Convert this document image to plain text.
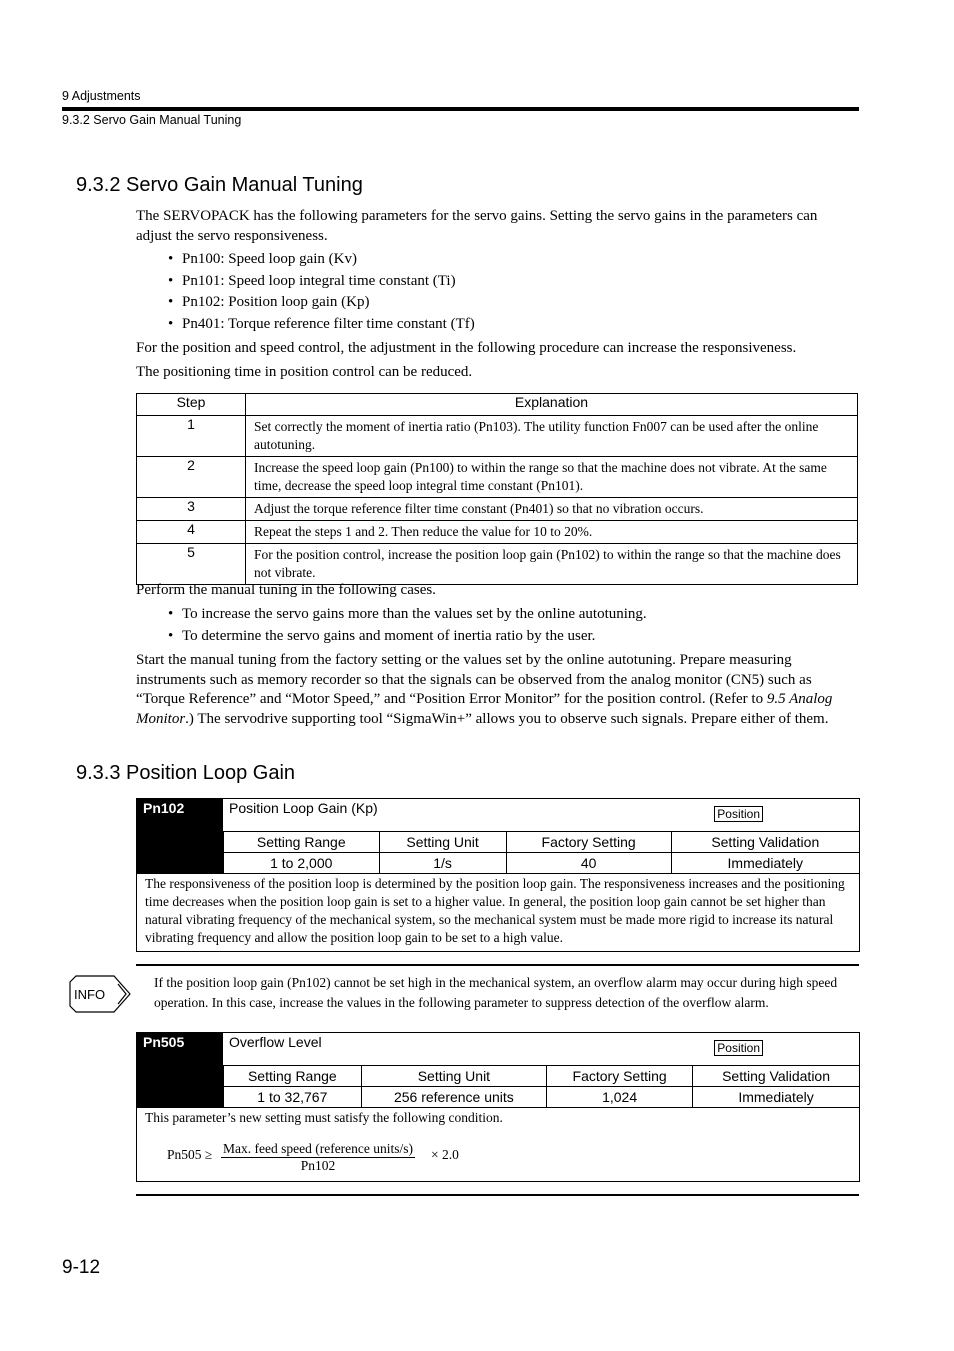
9 Adjustments
9.3.2 Servo Gain Manual Tuning
9.3.2 Servo Gain Manual Tuning
The SERVOPACK has the following parameters for the servo gains. Setting the servo gains in the parameters can adjust the servo responsiveness.
• Pn100: Speed loop gain (Kv)
• Pn101: Speed loop integral time constant (Ti)
• Pn102: Position loop gain (Kp)
• Pn401: Torque reference filter time constant (Tf)
For the position and speed control, the adjustment in the following procedure can increase the responsiveness.
The positioning time in position control can be reduced.
Step	Explanation
1	Set correctly the moment of inertia ratio (Pn103). The utility function Fn007 can be used after the online autotuning.
2	Increase the speed loop gain (Pn100) to within the range so that the machine does not vibrate. At the same time, decrease the speed loop integral time constant (Pn101).
3	Adjust the torque reference filter time constant (Pn401) so that no vibration occurs.
4	Repeat the steps 1 and 2. Then reduce the value for 10 to 20%.
5	For the position control, increase the position loop gain (Pn102) to within the range so that the machine does not vibrate.
Perform the manual tuning in the following cases.
• To increase the servo gains more than the values set by the online autotuning.
• To determine the servo gains and moment of inertia ratio by the user.
Start the manual tuning from the factory setting or the values set by the online autotuning. Prepare measuring instruments such as memory recorder so that the signals can be observed from the analog monitor (CN5) such as “Torque Reference” and “Motor Speed,” and “Position Error Monitor” for the position control. (Refer to 9.5 Analog Monitor.) The servodrive supporting tool “SigmaWin+” allows you to observe such signals. Prepare either of them.
9.3.3 Position Loop Gain
Pn102	Position Loop Gain (Kp)	Position
Setting Range	Setting Unit	Factory Setting	Setting Validation
1 to 2,000	1/s	40	Immediately
The responsiveness of the position loop is determined by the position loop gain. The responsiveness increases and the positioning time decreases when the position loop gain is set to a higher value. In general, the position loop gain cannot be set higher than natural vibrating frequency of the mechanical system, so the mechanical system must be made more rigid to increase its natural vibrating frequency and allow the position loop gain to be set to a high value.
INFO
If the position loop gain (Pn102) cannot be set high in the mechanical system, an overflow alarm may occur during high speed operation. In this case, increase the values in the following parameter to suppress detection of the overflow alarm.
Pn505	Overflow Level	Position
Setting Range	Setting Unit	Factory Setting	Setting Validation
1 to 32,767	256 reference units	1,024	Immediately
This parameter’s new setting must satisfy the following condition.
Pn505 ≥ Max. feed speed (reference units/s)
Pn102
× 2.0
9-12
